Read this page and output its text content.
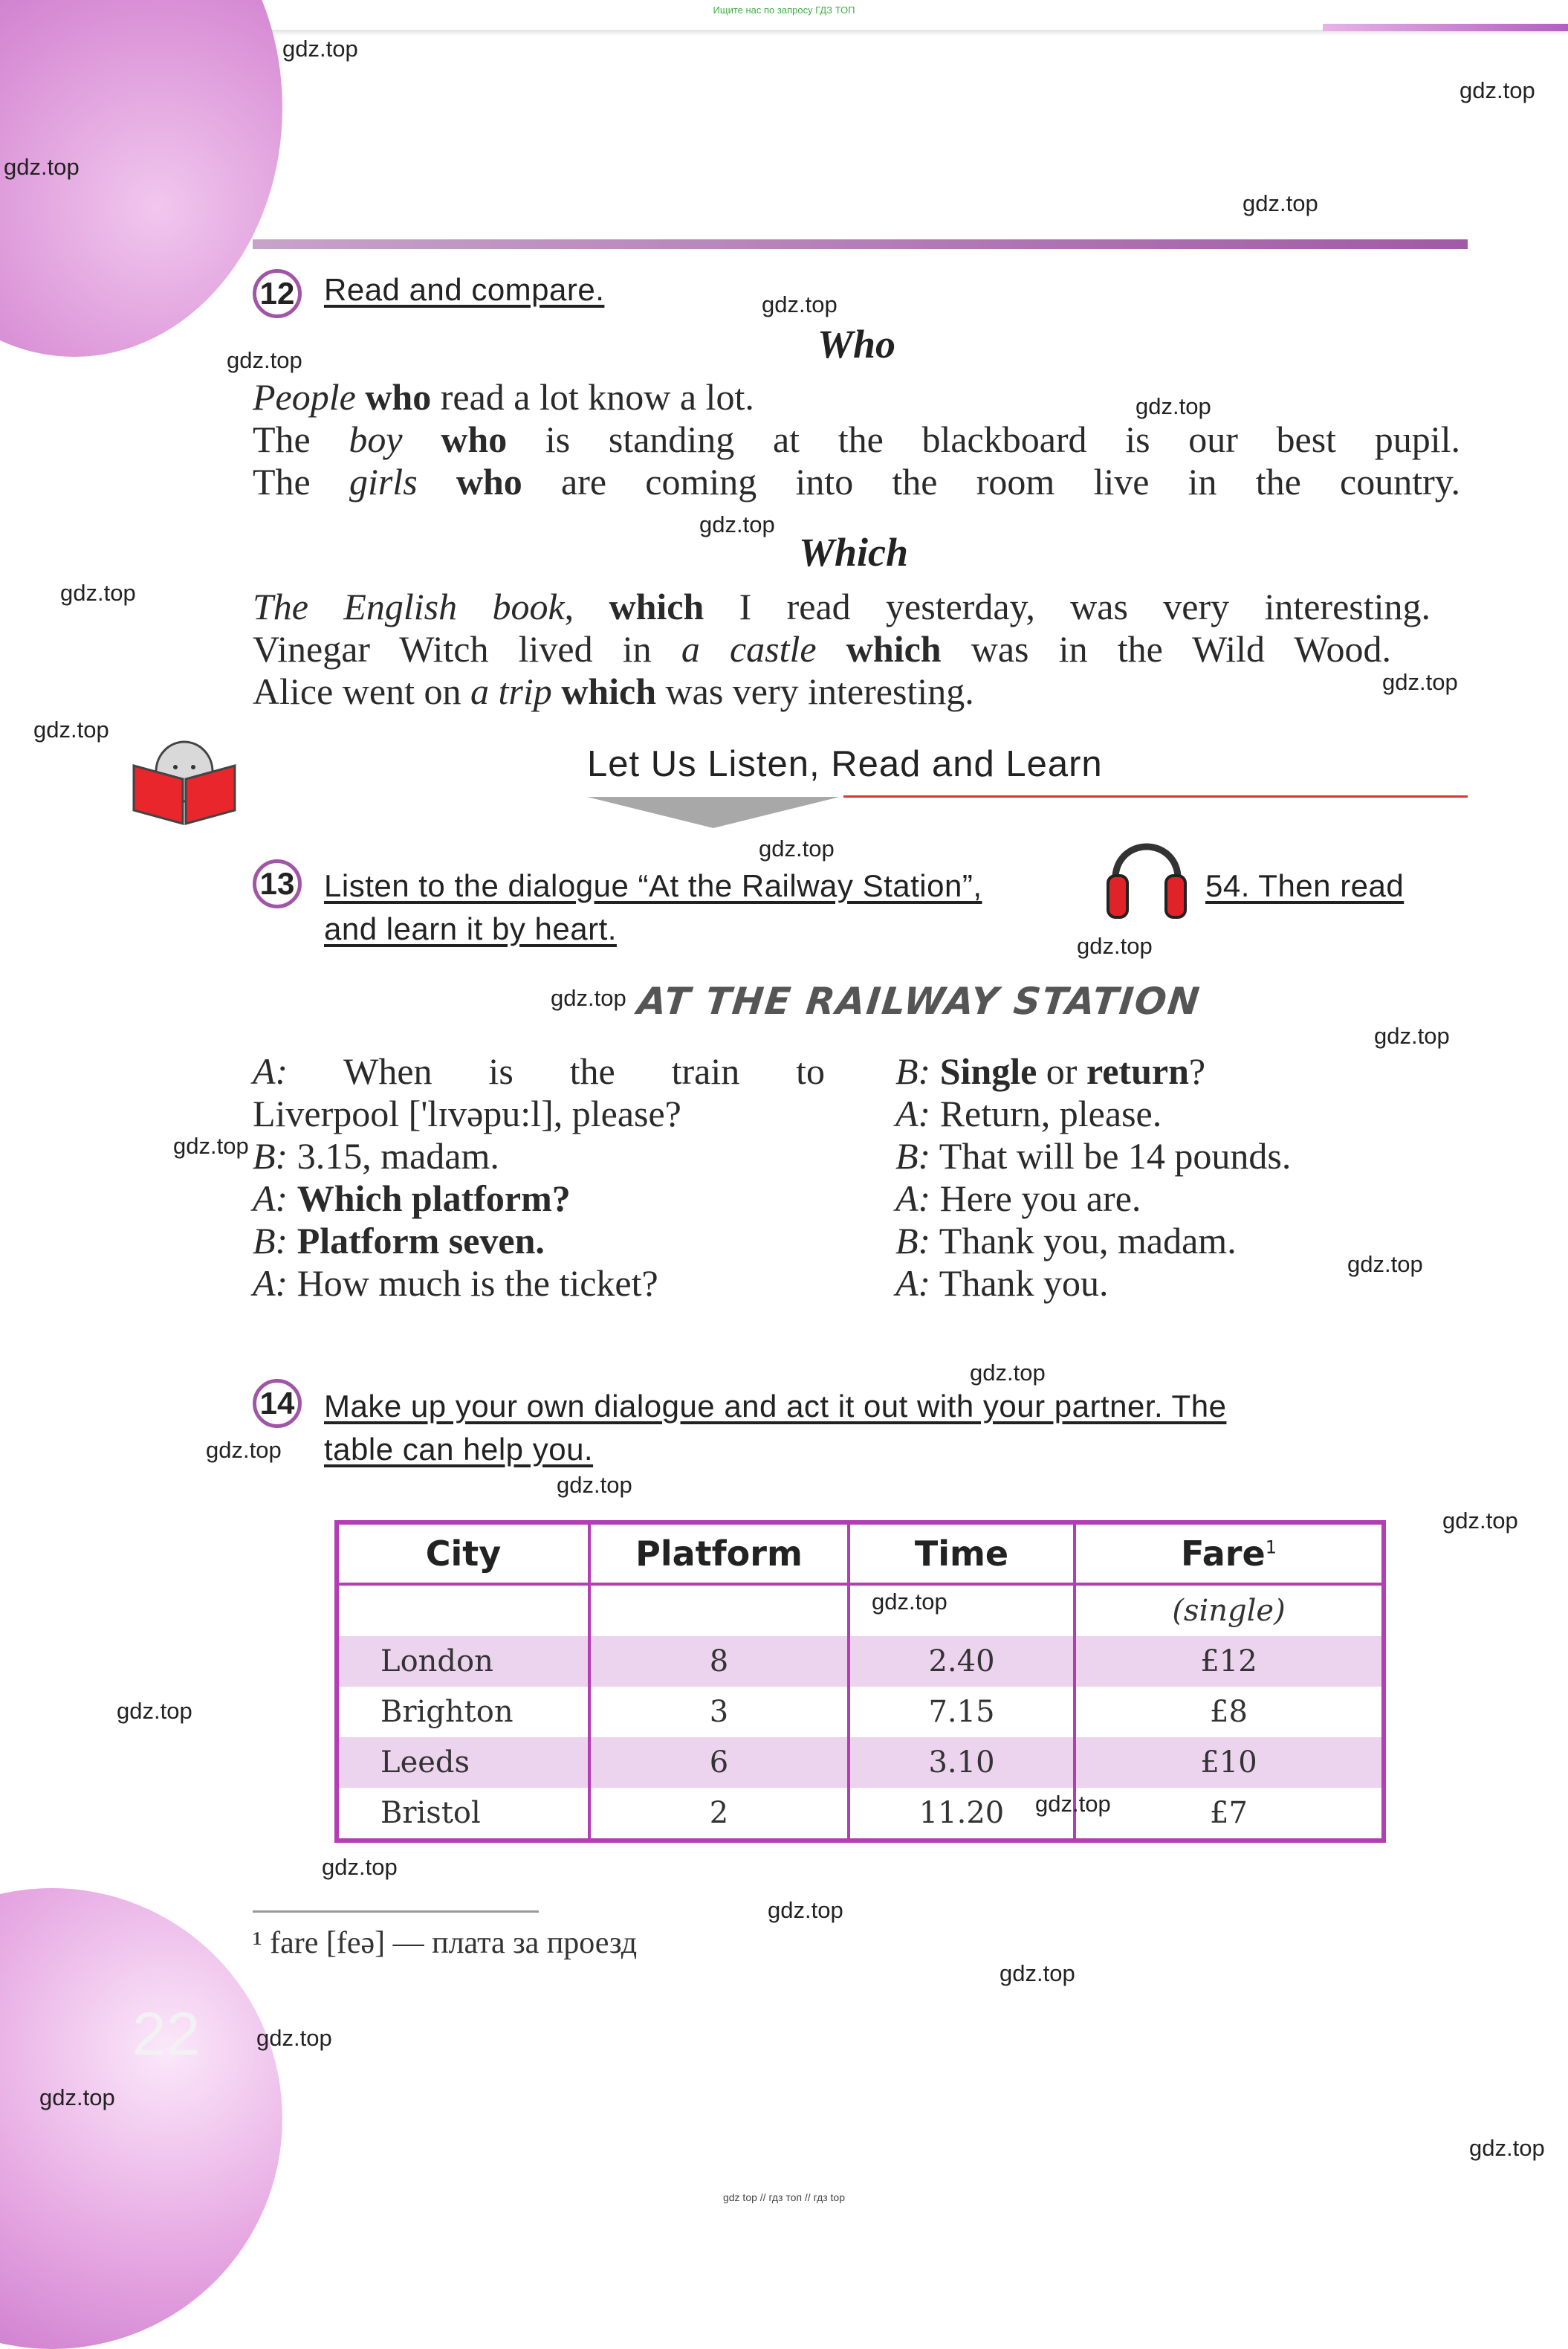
Ищите нас по запросу ГДЗ ТОП
22
12 Read and compare.
Who
People who read a lot know a lot.
The boy who is standing at the blackboard is our best pupil.
The girls who are coming into the room live in the country.
Which
The English book, which I read yesterday, was very interesting.
Vinegar Witch lived in a castle which was in the Wild Wood.
Alice went on a trip which was very interesting.
Let Us Listen, Read and Learn
13 Listen to the dialogue “At the Railway Station”,	54. Then read
and learn it by heart.
AT THE RAILWAY STATION
A: When is the train to
Liverpool ['lɪvəpu:l], please?
B: 3.15, madam.
A: Which platform?
B: Platform seven.
A: How much is the ticket?
B: Single or return?
A: Return, please.
B: That will be 14 pounds.
A: Here you are.
B: Thank you, madam.
A: Thank you.
14 Make up your own dialogue and act it out with your partner. The
table can help you.
City	Platform	Time	Fare$^1$
			(single)
London	8	2.40	£12
Brighton	3	7.15	£8
Leeds	6	3.10	£10
Bristol	2	11.20	£7
¹ fare [feə] — плата за проезд
gdz.top
gdz.top
gdz.top
gdz.top
gdz.top
gdz.top
gdz.top
gdz.top
gdz.top
gdz.top
gdz.top
gdz.top
gdz.top
gdz.top
gdz.top
gdz.top
gdz.top
gdz.top
gdz.top
gdz.top
gdz.top
gdz.top
gdz.top
gdz.top
gdz.top
gdz.top
gdz.top
gdz.top
gdz.top
gdz.top
gdz top // гдз топ // гдз top
